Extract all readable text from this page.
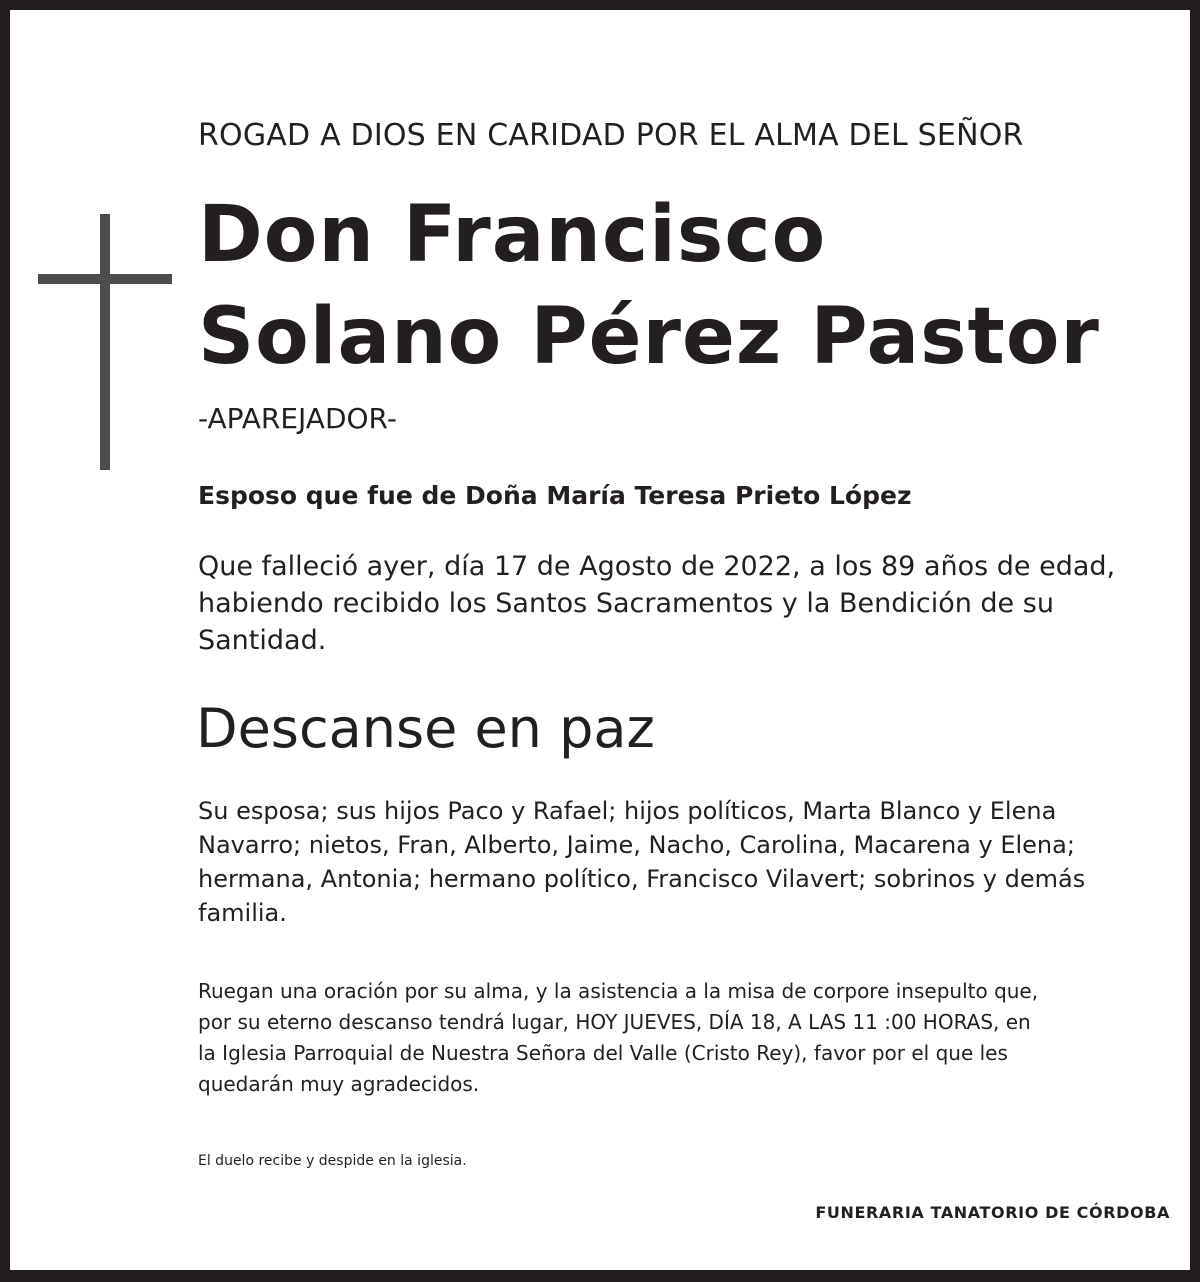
ROGAD A DIOS EN CARIDAD POR EL ALMA DEL SEÑOR

Don Francisco
Solano Pérez Pastor

-APAREJADOR-

Esposo que fue de Doña María Teresa Prieto López

Que falleció ayer, día 17 de Agosto de 2022, a los 89 años de edad,
habiendo recibido los Santos Sacramentos y la Bendición de su
Santidad.

Descanse en paz

Su esposa; sus hijos Paco y Rafael; hijos políticos, Marta Blanco y Elena
Navarro; nietos, Fran, Alberto, Jaime, Nacho, Carolina, Macarena y Elena;
hermana, Antonia; hermano político, Francisco Vilavert; sobrinos y demás
familia.

Ruegan una oración por su alma, y la asistencia a la misa de corpore insepulto que,
por su eterno descanso tendrá lugar, HOY JUEVES, DÍA 18, A LAS 11 :00 HORAS, en
la Iglesia Parroquial de Nuestra Señora del Valle (Cristo Rey), favor por el que les
quedarán muy agradecidos.

El duelo recibe y despide en la iglesia.

FUNERARIA TANATORIO DE CÓRDOBA
